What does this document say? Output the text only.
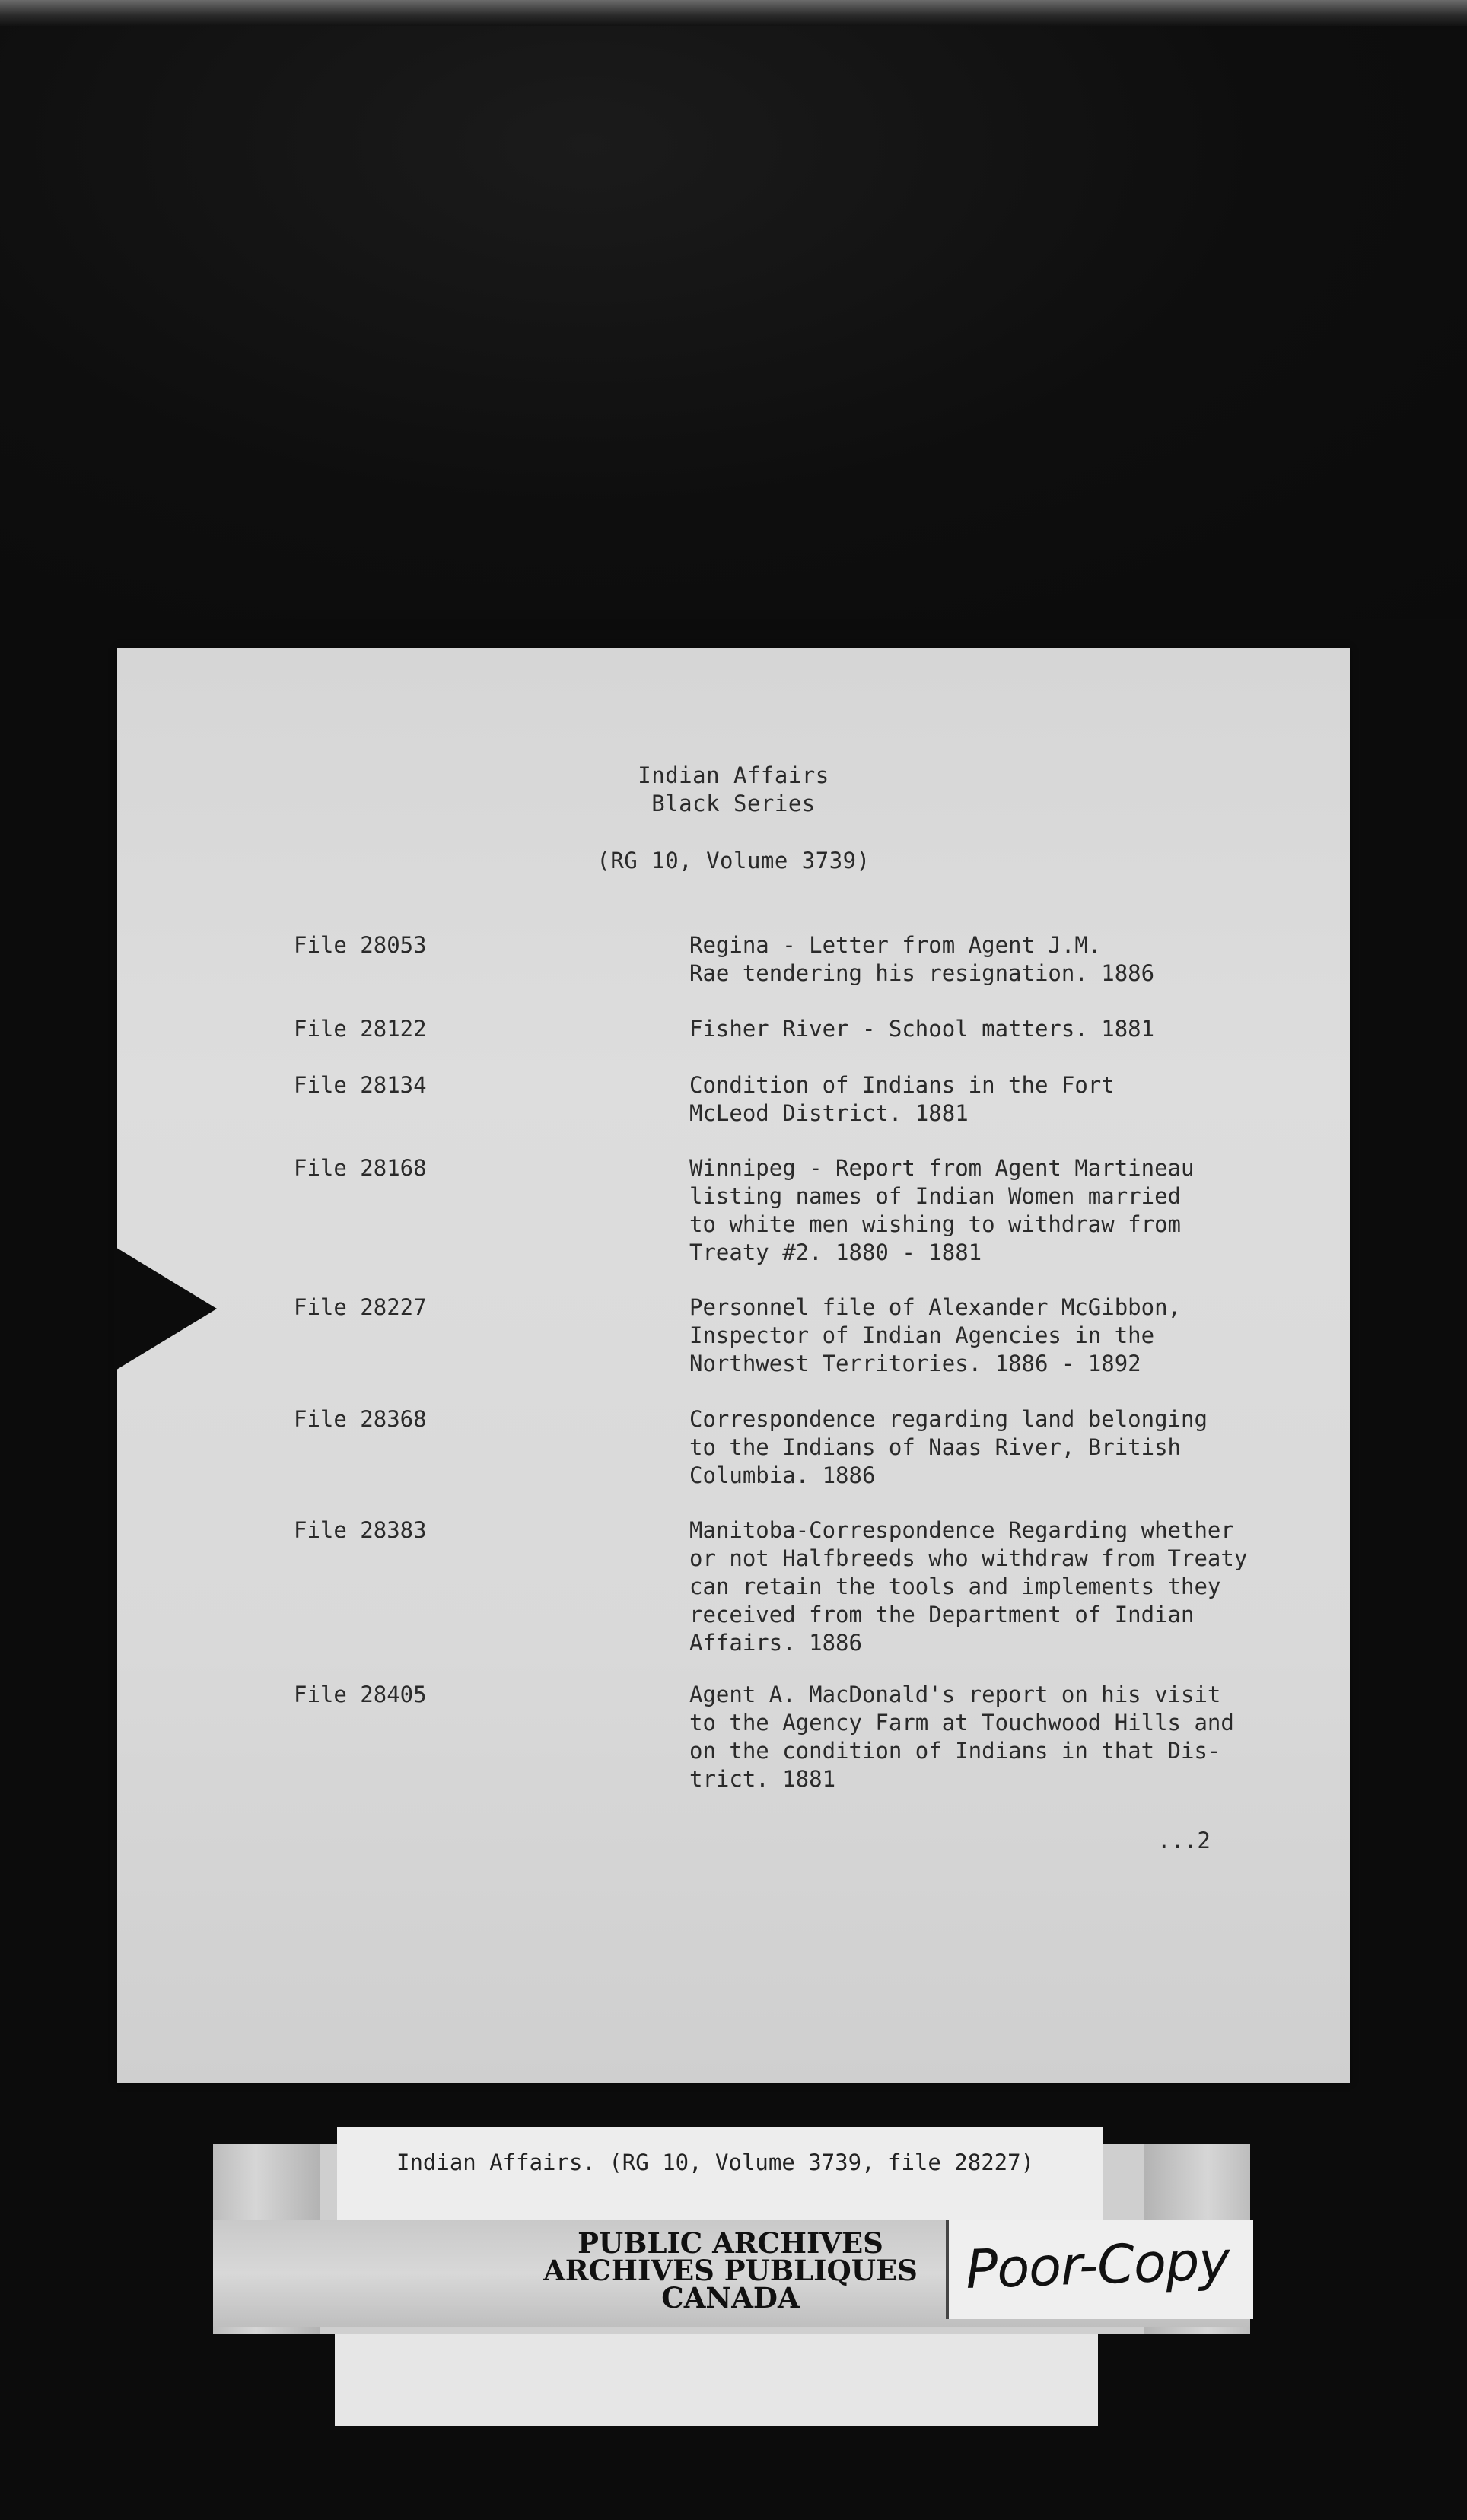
Indian Affairs
Black Series
(RG 10, Volume 3739)
File 28053	Regina - Letter from Agent J.M.
Rae tendering his resignation. 1886
File 28122	Fisher River - School matters. 1881
File 28134	Condition of Indians in the Fort
McLeod District. 1881
File 28168	Winnipeg - Report from Agent Martineau
listing names of Indian Women married
to white men wishing to withdraw from
Treaty #2. 1880 - 1881
File 28227	Personnel file of Alexander McGibbon,
Inspector of Indian Agencies in the
Northwest Territories. 1886 - 1892
File 28368	Correspondence regarding land belonging
to the Indians of Naas River, British
Columbia. 1886
File 28383	Manitoba-Correspondence Regarding whether
or not Halfbreeds who withdraw from Treaty
can retain the tools and implements they
received from the Department of Indian
Affairs. 1886
File 28405	Agent A. MacDonald's report on his visit
to the Agency Farm at Touchwood Hills and
on the condition of Indians in that Dis-
trict. 1881
...2
Indian Affairs. (RG 10, Volume 3739, file 28227)
PUBLIC ARCHIVES
ARCHIVES PUBLIQUES
CANADA	Poor-Copy
